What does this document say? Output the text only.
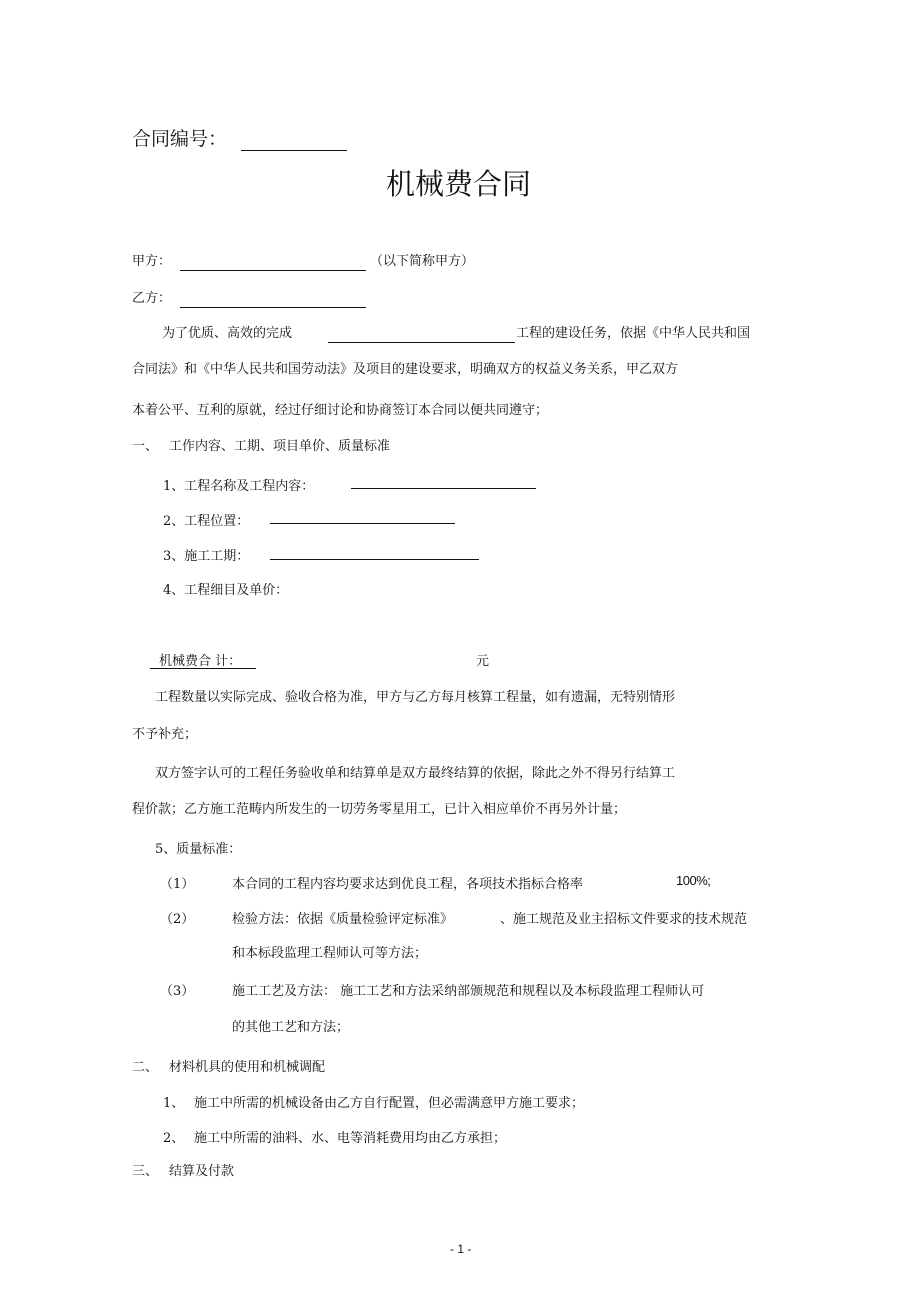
合同编号：
机械费合同
甲方：	（以下简称甲方）
乙方：
为了优质、高效的完成	工程的建设任务，依据《中华人民共和国
合同法》和《中华人民共和国劳动法》及项目的建设要求，明确双方的权益义务关系，甲乙双方
本着公平、互利的原就，经过仔细讨论和协商签订本合同以便共同遵守；
一、 工作内容、工期、项目单价、质量标准
1、工程名称及工程内容：
2、工程位置：
3、施工工期：
4、工程细目及单价：
机械费合 计：	元
工程数量以实际完成、验收合格为准，甲方与乙方每月核算工程量，如有遗漏，无特别情形
不予补充；
双方签字认可的工程任务验收单和结算单是双方最终结算的依据，除此之外不得另行结算工
程价款；乙方施工范畴内所发生的一切劳务零星用工，已计入相应单价不再另外计量；
5、质量标准：
（1）	本合同的工程内容均要求达到优良工程，各项技术指标合格率	100%;
（2）	检验方法：依据《质量检验评定标准》	、施工规范及业主招标文件要求的技术规范
和本标段监理工程师认可等方法；
（3）	施工工艺及方法： 施工工艺和方法采纳部颁规范和规程以及本标段监理工程师认可
的其他工艺和方法；
二、 材料机具的使用和机械调配
1、 施工中所需的机械设备由乙方自行配置，但必需满意甲方施工要求；
2、 施工中所需的油料、水、电等消耗费用均由乙方承担；
三、 结算及付款
- 1 -
